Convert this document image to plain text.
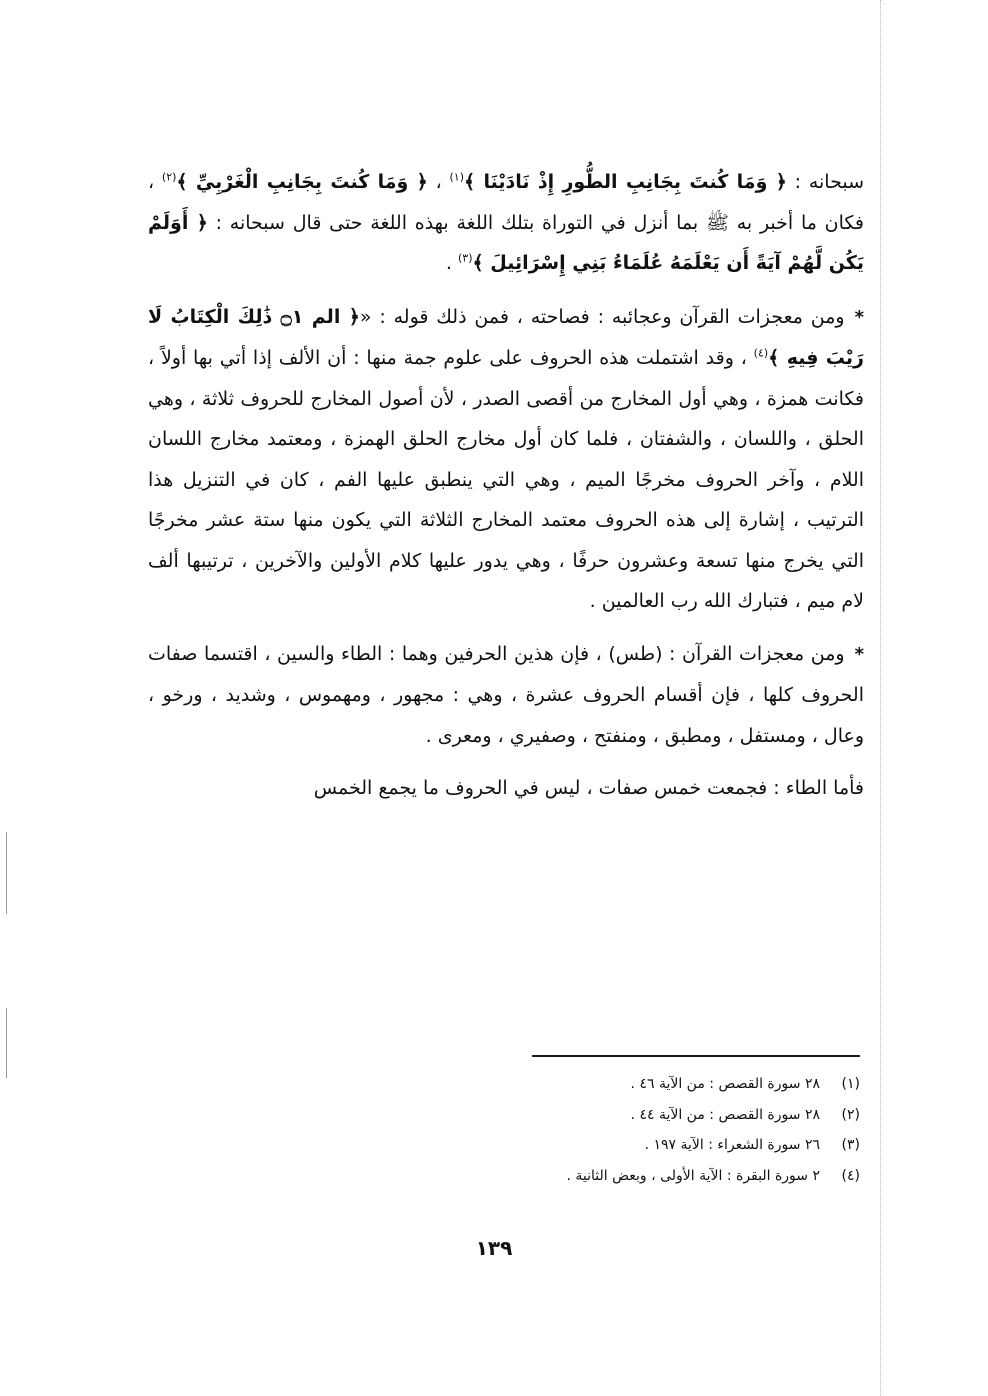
سبحانه : ﴿ وَمَا كُنتَ بِجَانِبِ الطُّورِ إِذْ نَادَيْنَا ﴾$^{(١)}$ ، ﴿ وَمَا كُنتَ بِجَانِبِ الْغَرْبِيِّ ﴾$^{(٢)}$ ، فكان ما أخبر به ﷺ بما أنزل في التوراة بتلك اللغة بهذه اللغة حتى قال سبحانه : ﴿ أَوَلَمْ يَكُن لَّهُمْ آيَةً أَن يَعْلَمَهُ عُلَمَاءُ بَنِي إِسْرَائِيلَ ﴾$^{(٣)}$ .

*ومن معجزات القرآن وعجائبه : فصاحته ، فمن ذلك قوله : «﴿ الم ۝١ ذَٰلِكَ الْكِتَابُ لَا رَيْبَ فِيهِ ﴾$^{(٤)}$ ، وقد اشتملت هذه الحروف على علوم جمة منها : أن الألف إذا أتي بها أولاً ، فكانت همزة ، وهي أول المخارج من أقصى الصدر ، لأن أصول المخارج للحروف ثلاثة ، وهي الحلق ، واللسان ، والشفتان ، فلما كان أول مخارج الحلق الهمزة ، ومعتمد مخارج اللسان اللام ، وآخر الحروف مخرجًا الميم ، وهي التي ينطبق عليها الفم ، كان في التنزيل هذا الترتيب ، إشارة إلى هذه الحروف معتمد المخارج الثلاثة التي يكون منها ستة عشر مخرجًا التي يخرج منها تسعة وعشرون حرفًا ، وهي يدور عليها كلام الأولين والآخرين ، ترتيبها ألف لام ميم ، فتبارك الله رب العالمين .

*ومن معجزات القرآن : (طس) ، فإن هذين الحرفين وهما : الطاء والسين ، اقتسما صفات الحروف كلها ، فإن أقسام الحروف عشرة ، وهي : مجهور ، ومهموس ، وشديد ، ورخو ، وعال ، ومستفل ، ومطبق ، ومنفتح ، وصفيري ، ومعرى .

فأما الطاء : فجمعت خمس صفات ، ليس في الحروف ما يجمع الخمس

(١)٢٨ سورة القصص : من الآية ٤٦ .

(٢)٢٨ سورة القصص : من الآية ٤٤ .

(٣)٢٦ سورة الشعراء : الآية ١٩٧ .

(٤)٢ سورة البقرة : الآية الأولى ، وبعض الثانية .

١٣٩
